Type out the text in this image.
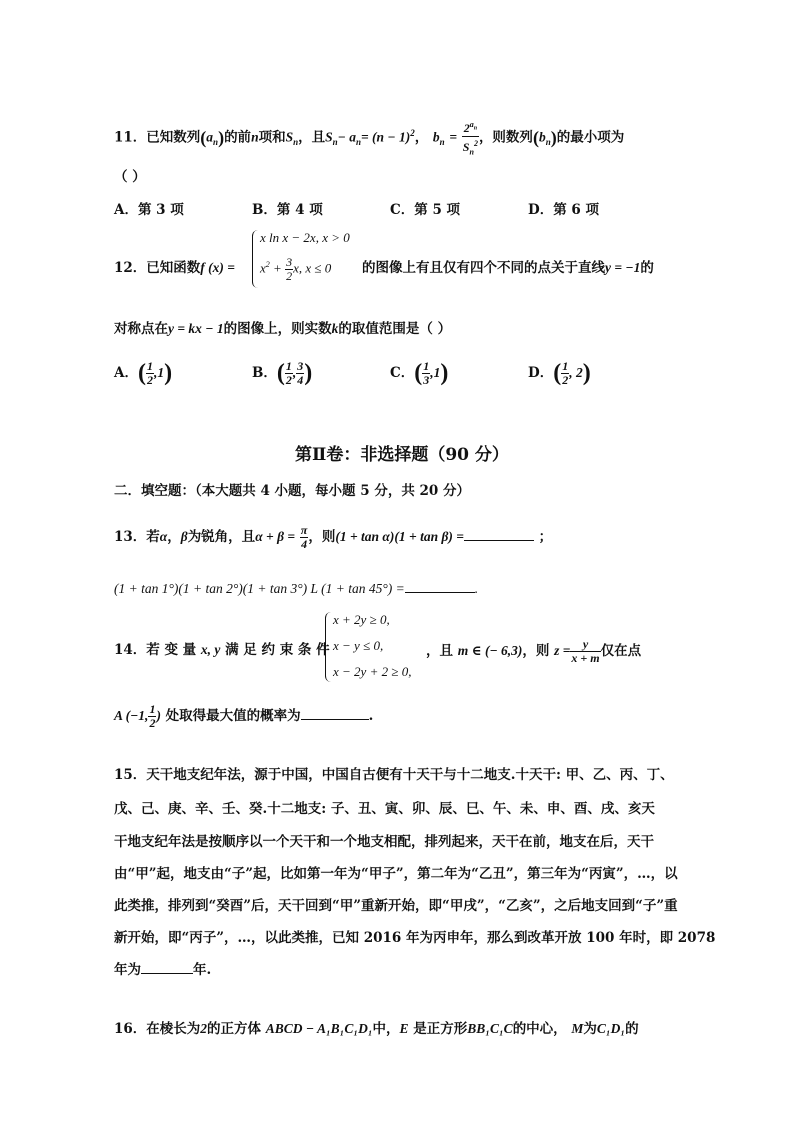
11．已知数列$(a_n)$的前n项和$S_n$，且$S_n- a_n= (n - 1)^2$， $b_n = \frac{2^{a_n}}{S_n^2}$ ，则数列$(b_n)$的最小项为
（ ）
A．第 3 项	B．第 4 项	C．第 5 项	D．第 6 项
12．已知函数f (x) =
x ln x − 2x, x > 0
$x^2 + \frac{3}{2} x$, x ≤ 0 的图像上有且仅有四个不同的点关于直线y = −1的
对称点在y = kx − 1的图像上，则实数k的取值范围是（ ）
A．( $\frac{1}{2} ,1$)	B．( $\frac{1}{2}$ , $\frac{3}{4}$ )	C．( $\frac{1}{3} ,1$)	D．( $\frac{1}{2}$ , 2)
第Ⅱ卷：非选择题（90 分）
二．填空题：（本大题共 4 小题，每小题 5 分，共 20 分）
13．若α，β为锐角，且$\alpha + \beta = \frac{\pi}{4}$ ，则(1 + tan α)(1 + tan β) =	；
(1 + tan 1°)(1 + tan 2°)(1 + tan 3°) L (1 + tan 45°) =	.
14．若 变 量 x, y 满 足 约 束 条 件
x + 2y ≥ 0,
x − y ≤ 0,
x − 2y + 2 ≥ 0,
，且 m ∈ (− 6,3)，则 $z = \frac{y}{x + m}$ 仅在点
A (−1, $\frac{1}{2}$ ) 处取得最大值的概率为	.
15．天干地支纪年法，源于中国，中国自古便有十天干与十二地支.十天干: 甲、乙、丙、丁、
戊、己、庚、辛、壬、癸.十二地支: 子、丑、寅、卯、辰、巳、午、未、申、酉、戌、亥天
干地支纪年法是按顺序以一个天干和一个地支相配，排列起来，天干在前，地支在后，天干
由“甲”起，地支由“子”起，比如第一年为“甲子”，第二年为“乙丑”，第三年为“丙寅”，…，以
此类推，排列到“癸酉”后，天干回到“甲”重新开始，即“甲戌”，“乙亥”，之后地支回到“子”重
新开始，即“丙子”，…，以此类推，已知 2016 年为丙申年，那么到改革开放 100 年时，即 2078
年为	年.
16．在棱长为2的正方体 ABCD − A₁B₁C₁D₁中，E 是正方形BB₁C₁C的中心， M为C₁D₁的
